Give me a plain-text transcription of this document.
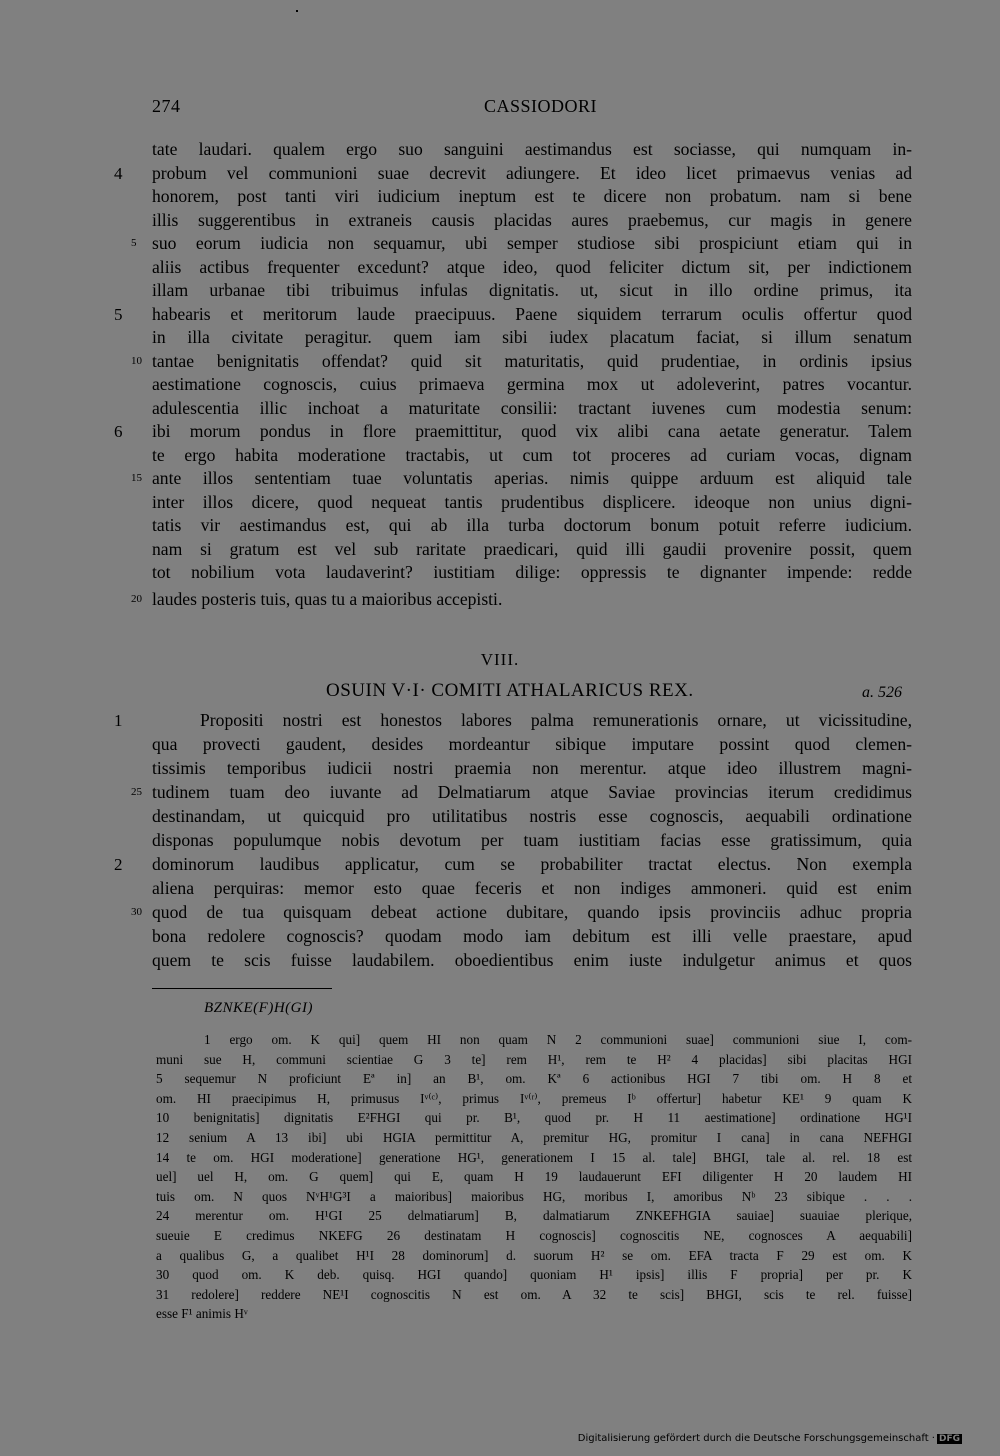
274	CASSIODORI
tate laudari. qualem ergo suo sanguini aestimandus est sociasse, qui numquam in-
probum vel communioni suae decrevit adiungere. Et ideo licet primaevus venias ad
honorem, post tanti viri iudicium ineptum est te dicere non probatum. nam si bene
illis suggerentibus in extraneis causis placidas aures praebemus, cur magis in genere
suo eorum iudicia non sequamur, ubi semper studiose sibi prospiciunt etiam qui in
aliis actibus frequenter excedunt? atque ideo, quod feliciter dictum sit, per indictionem
illam urbanae tibi tribuimus infulas dignitatis. ut, sicut in illo ordine primus, ita
habearis et meritorum laude praecipuus. Paene siquidem terrarum oculis offertur quod
in illa civitate peragitur. quem iam sibi iudex placatum faciat, si illum senatum
tantae benignitatis offendat? quid sit maturitatis, quid prudentiae, in ordinis ipsius
aestimatione cognoscis, cuius primaeva germina mox ut adoleverint, patres vocantur.
adulescentia illic inchoat a maturitate consilii: tractant iuvenes cum modestia senum:
ibi morum pondus in flore praemittitur, quod vix alibi cana aetate generatur. Talem
te ergo habita moderatione tractabis, ut cum tot proceres ad curiam vocas, dignam
ante illos sententiam tuae voluntatis aperias. nimis quippe arduum est aliquid tale
inter illos dicere, quod nequeat tantis prudentibus displicere. ideoque non unius digni-
tatis vir aestimandus est, qui ab illa turba doctorum bonum potuit referre iudicium.
nam si gratum est vel sub raritate praedicari, quid illi gaudii provenire possit, quem
tot nobilium vota laudaverint? iustitiam dilige: oppressis te dignanter impende: redde
laudes posteris tuis, quas tu a maioribus accepisti.
4
5
6
5
10
15
20
VIII.
OSUIN V·I· COMITI ATHALARICUS REX.	a. 526
Propositi nostri est honestos labores palma remunerationis ornare, ut vicissitudine,
qua provecti gaudent, desides mordeantur sibique imputare possint quod clemen-
tissimis temporibus iudicii nostri praemia non merentur. atque ideo illustrem magni-
tudinem tuam deo iuvante ad Delmatiarum atque Saviae provincias iterum credidimus
destinandam, ut quicquid pro utilitatibus nostris esse cognoscis, aequabili ordinatione
disponas populumque nobis devotum per tuam iustitiam facias esse gratissimum, quia
dominorum laudibus applicatur, cum se probabiliter tractat electus. Non exempla
aliena perquiras: memor esto quae feceris et non indiges ammoneri. quid est enim
quod de tua quisquam debeat actione dubitare, quando ipsis provinciis adhuc propria
bona redolere cognoscis? quodam modo iam debitum est illi velle praestare, apud
quem te scis fuisse laudabilem. oboedientibus enim iuste indulgetur animus et quos
1
2
25
30
BZNKE(F)H(GI)
1 ergo om. K qui] quem HI non quam N 2 communioni suae] communioni siue I, com-
muni sue H, communi scientiae G 3 te] rem H¹, rem te H² 4 placidas] sibi placitas HGI
5 sequemur N proficiunt Eª in] an B¹, om. Kª 6 actionibus HGI 7 tibi om. H 8 et
om. HI praecipimus H, primusus Iᵛ⁽ᶜ⁾, primus Iᵛ⁽ʳ⁾, premeus Iᵇ offertur] habetur KE¹ 9 quam K
10 benignitatis] dignitatis E²FHGI qui pr. B¹, quod pr. H 11 aestimatione] ordinatione HG¹I
12 senium A 13 ibi] ubi HGIA permittitur A, premitur HG, promitur I cana] in cana NEFHGI
14 te om. HGI moderatione] generatione HG¹, generationem I 15 al. tale] BHGI, tale al. rel. 18 est
uel] uel H, om. G quem] qui E, quam H 19 laudauerunt EFI diligenter H 20 laudem HI
tuis om. N quos NᵛH¹G³I a maioribus] maioribus HG, moribus I, amoribus Nᵇ 23 sibique . . .
24 merentur om. H¹GI 25 delmatiarum] B, dalmatiarum ZNKEFHGIA sauiae] suauiae plerique,
sueuie E credimus NKEFG 26 destinatam H cognoscis] cognoscitis NE, cognosces A aequabili]
a qualibus G, a qualibet H¹I 28 dominorum] d. suorum H² se om. EFA tracta F 29 est om. K
30 quod om. K deb. quisq. HGI quando] quoniam H¹ ipsis] illis F propria] per pr. K
31 redolere] reddere NE¹I cognoscitis N est om. A 32 te scis] BHGI, scis te rel. fuisse]
esse F¹ animis Hᵛ
Digitalisierung gefördert durch die Deutsche Forschungsgemeinschaft · DFG
